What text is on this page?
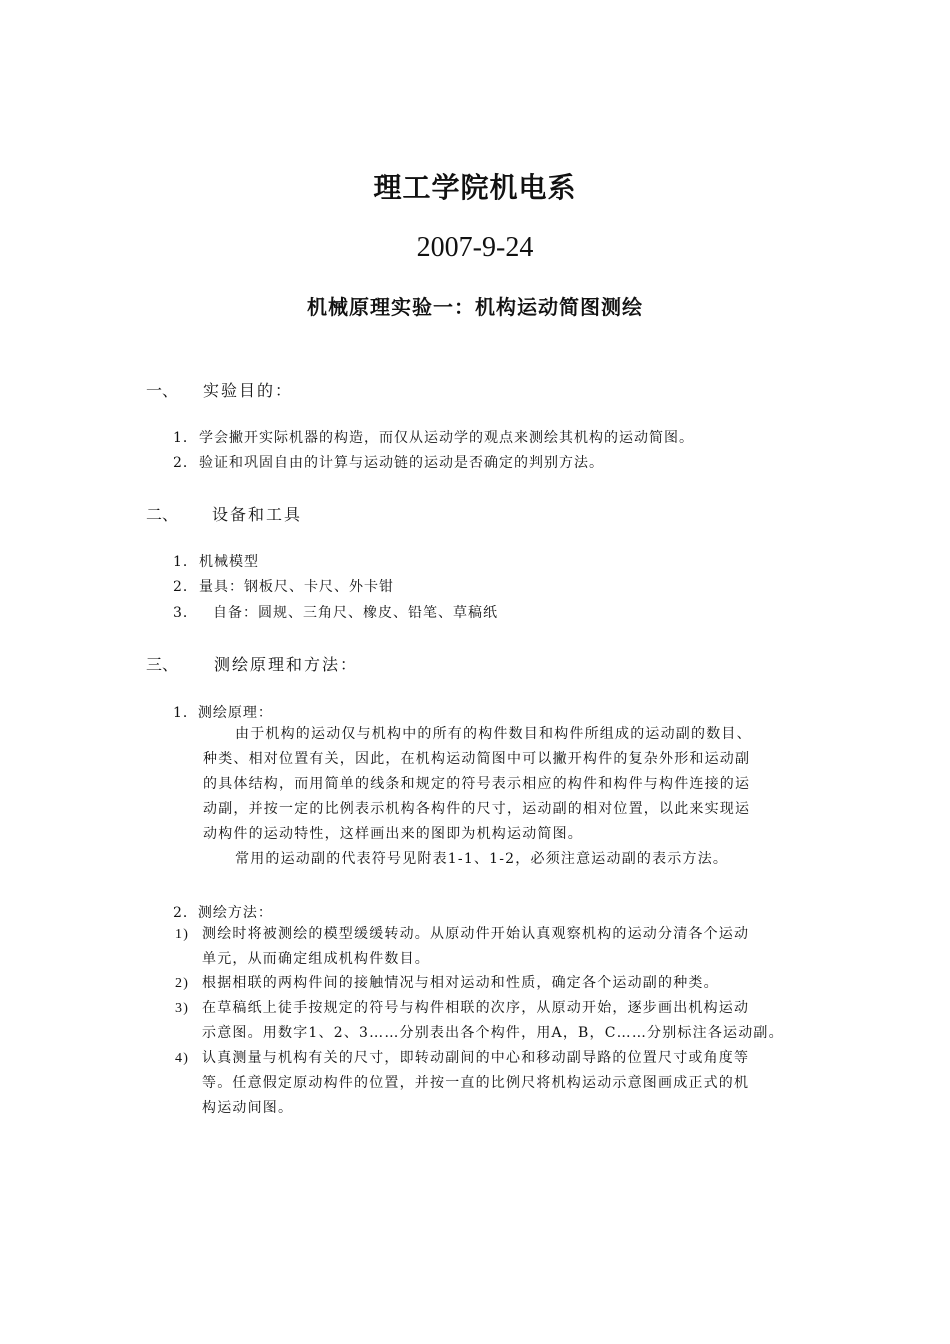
理工学院机电系
2007-9-24
机械原理实验一：机构运动简图测绘
一、 实验目的：
1．学会撇开实际机器的构造，而仅从运动学的观点来测绘其机构的运动简图。
2．验证和巩固自由的计算与运动链的运动是否确定的判别方法。
二、 设备和工具
1．机械模型
2．量具：钢板尺、卡尺、外卡钳
3． 自备：圆规、三角尺、橡皮、铅笔、草稿纸
三、 测绘原理和方法：
1．测绘原理：
由于机构的运动仅与机构中的所有的构件数目和构件所组成的运动副的数目、
种类、相对位置有关，因此，在机构运动简图中可以撇开构件的复杂外形和运动副
的具体结构，而用简单的线条和规定的符号表示相应的构件和构件与构件连接的运
动副，并按一定的比例表示机构各构件的尺寸，运动副的相对位置，以此来实现运
动构件的运动特性，这样画出来的图即为机构运动简图。
常用的运动副的代表符号见附表1-1、1-2，必须注意运动副的表示方法。
2．测绘方法：
1) 测绘时将被测绘的模型缓缓转动。从原动件开始认真观察机构的运动分清各个运动
单元，从而确定组成机构件数目。
2) 根据相联的两构件间的接触情况与相对运动和性质，确定各个运动副的种类。
3) 在草稿纸上徒手按规定的符号与构件相联的次序，从原动开始，逐步画出机构运动
示意图。用数字1、2、3……分别表出各个构件，用A，B，C……分别标注各运动副。
4) 认真测量与机构有关的尺寸，即转动副间的中心和移动副导路的位置尺寸或角度等
等。任意假定原动构件的位置，并按一直的比例尺将机构运动示意图画成正式的机
构运动间图。
